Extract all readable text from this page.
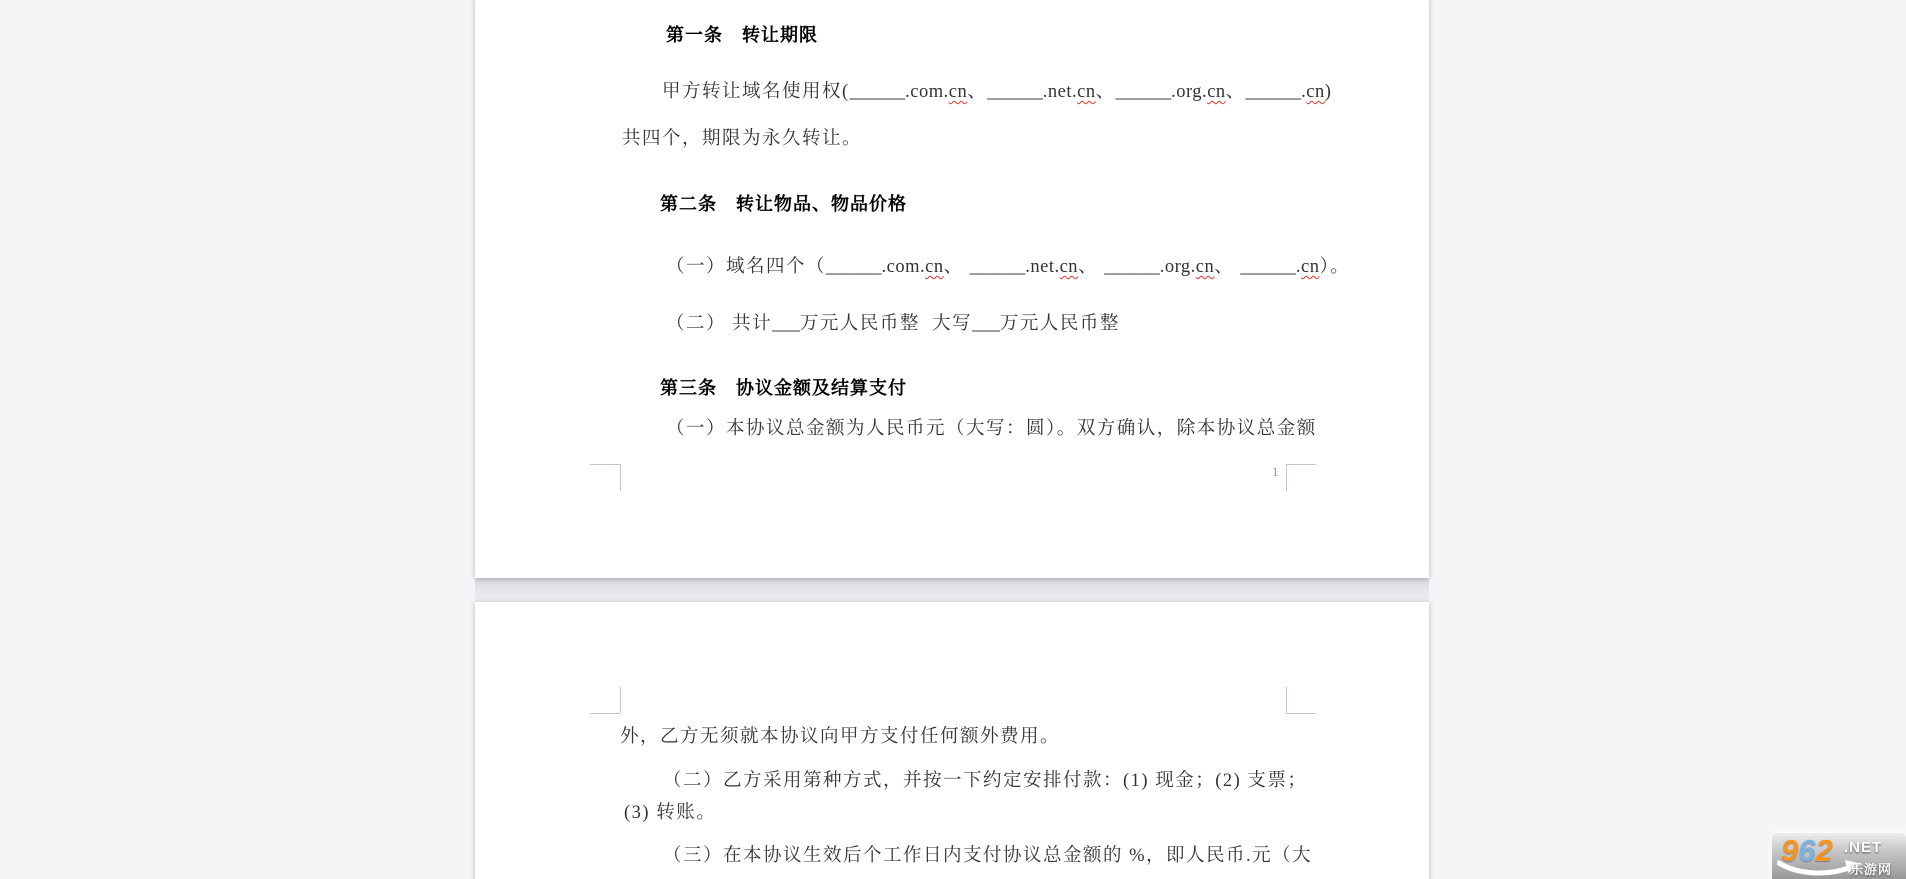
第一条　转让期限
甲方转让域名使用权(______.com.cn、______.net.cn、______.org.cn、______.cn)
共四个，期限为永久转让。
第二条　转让物品、物品价格
（一）域名四个（______.com.cn、 ______.net.cn、 ______.org.cn、 ______.cn）。
（二） 共计___万元人民币整  大写___万元人民币整
第三条　协议金额及结算支付
（一）本协议总金额为人民币元（大写：圆）。双方确认，除本协议总金额
1
外，乙方无须就本协议向甲方支付任何额外费用。
（二）乙方采用第种方式，并按一下约定安排付款：(1) 现金；(2) 支票；
(3) 转账。
（三）在本协议生效后个工作日内支付协议总金额的 %，即人民币.元（大	962 .NET
乐游网
